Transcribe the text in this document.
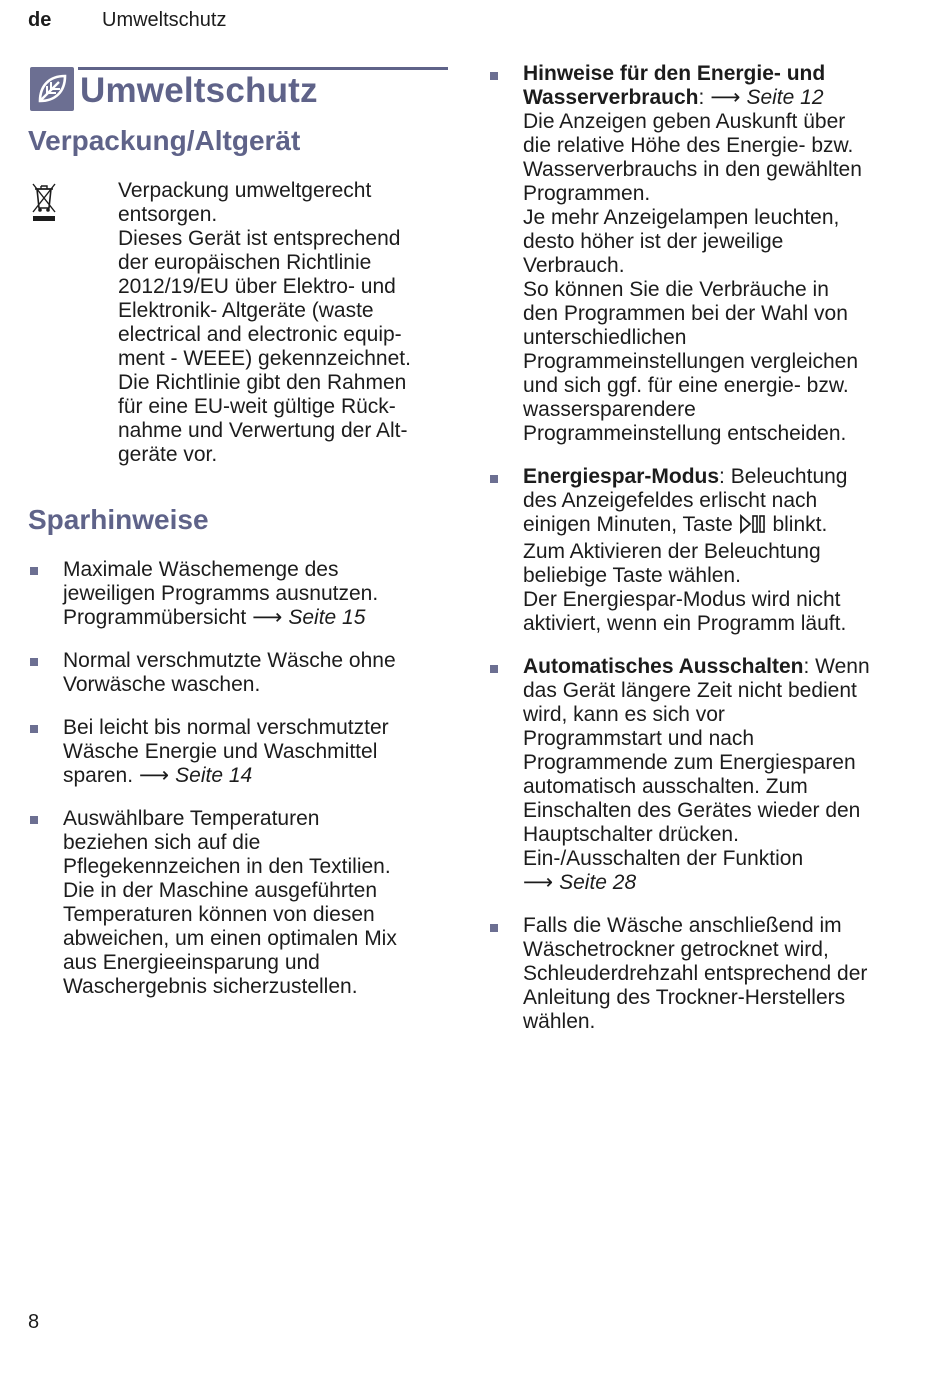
de	Umweltschutz
Umweltschutz
Verpackung/Altgerät
Verpackung umweltgerecht
entsorgen.
Dieses Gerät ist entsprechend
der europäischen Richtlinie
2012/19/EU über Elektro- und
Elektronik- Altgeräte (waste
electrical and electronic equip-
ment - WEEE) gekennzeichnet.
Die Richtlinie gibt den Rahmen
für eine EU-weit gültige Rück-
nahme und Verwertung der Alt-
geräte vor.
Sparhinweise
Maximale Wäschemenge des
jeweiligen Programms ausnutzen.
Programmübersicht ⟶ Seite 15
Normal verschmutzte Wäsche ohne
Vorwäsche waschen.
Bei leicht bis normal verschmutzter
Wäsche Energie und Waschmittel
sparen. ⟶ Seite 14
Auswählbare Temperaturen
beziehen sich auf die
Pflegekennzeichen in den Textilien.
Die in der Maschine ausgeführten
Temperaturen können von diesen
abweichen, um einen optimalen Mix
aus Energieeinsparung und
Waschergebnis sicherzustellen.
Hinweise für den Energie- und
Wasserverbrauch: ⟶ Seite 12
Die Anzeigen geben Auskunft über
die relative Höhe des Energie- bzw.
Wasserverbrauchs in den gewählten
Programmen.
Je mehr Anzeigelampen leuchten,
desto höher ist der jeweilige
Verbrauch.
So können Sie die Verbräuche in
den Programmen bei der Wahl von
unterschiedlichen
Programmeinstellungen vergleichen
und sich ggf. für eine energie- bzw.
wassersparendere
Programmeinstellung entscheiden.
Energiespar-Modus: Beleuchtung
des Anzeigefeldes erlischt nach
einigen Minuten, Taste blinkt.
Zum Aktivieren der Beleuchtung
beliebige Taste wählen.
Der Energiespar-Modus wird nicht
aktiviert, wenn ein Programm läuft.
Automatisches Ausschalten: Wenn
das Gerät längere Zeit nicht bedient
wird, kann es sich vor
Programmstart und nach
Programmende zum Energiesparen
automatisch ausschalten. Zum
Einschalten des Gerätes wieder den
Hauptschalter drücken.
Ein-/Ausschalten der Funktion
⟶ Seite 28
Falls die Wäsche anschließend im
Wäschetrockner getrocknet wird,
Schleuderdrehzahl entsprechend der
Anleitung des Trockner-Herstellers
wählen.
8
